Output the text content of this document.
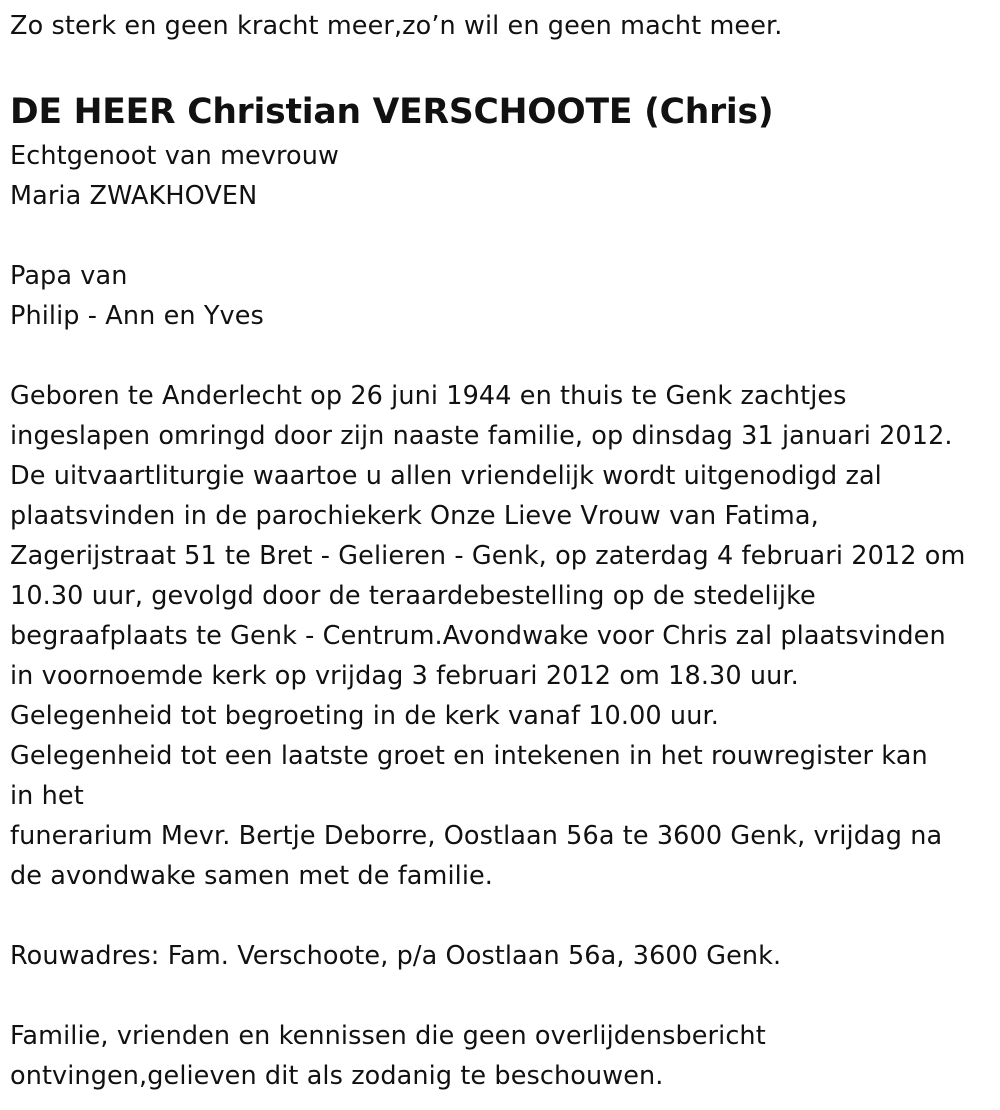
Zo sterk en geen kracht meer,zo’n wil en geen macht meer.
DE HEER Christian VERSCHOOTE (Chris)
Echtgenoot van mevrouw
Maria ZWAKHOVEN
Papa van
Philip - Ann en Yves
Geboren te Anderlecht op 26 juni 1944 en thuis te Genk zachtjes
ingeslapen omringd door zijn naaste familie, op dinsdag 31 januari 2012.
De uitvaartliturgie waartoe u allen vriendelijk wordt uitgenodigd zal
plaatsvinden in de parochiekerk Onze Lieve Vrouw van Fatima,
Zagerijstraat 51 te Bret - Gelieren - Genk, op zaterdag 4 februari 2012 om
10.30 uur, gevolgd door de teraardebestelling op de stedelijke
begraafplaats te Genk - Centrum.Avondwake voor Chris zal plaatsvinden
in voornoemde kerk op vrijdag 3 februari 2012 om 18.30 uur.
Gelegenheid tot begroeting in de kerk vanaf 10.00 uur.
Gelegenheid tot een laatste groet en intekenen in het rouwregister kan
in het
funerarium Mevr. Bertje Deborre, Oostlaan 56a te 3600 Genk, vrijdag na
de avondwake samen met de familie.
Rouwadres: Fam. Verschoote, p/a Oostlaan 56a, 3600 Genk.
Familie, vrienden en kennissen die geen overlijdensbericht
ontvingen,gelieven dit als zodanig te beschouwen.
